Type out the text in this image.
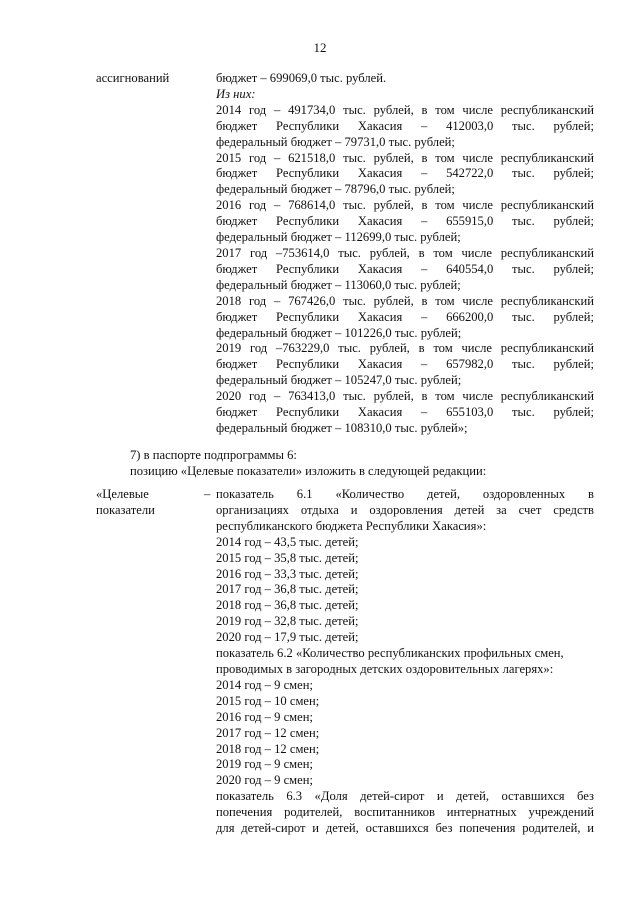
12
ассигнований	бюджет – 699069,0 тыс. рублей.
Из них:
2014 год – 491734,0 тыс. рублей, в том числе республиканский
бюджет Республики Хакасия – 412003,0 тыс. рублей;
федеральный бюджет – 79731,0 тыс. рублей;
2015 год – 621518,0 тыс. рублей, в том числе республиканский
бюджет Республики Хакасия – 542722,0 тыс. рублей;
федеральный бюджет – 78796,0 тыс. рублей;
2016 год – 768614,0 тыс. рублей, в том числе республиканский
бюджет Республики Хакасия – 655915,0 тыс. рублей;
федеральный бюджет – 112699,0 тыс. рублей;
2017 год –753614,0 тыс. рублей, в том числе республиканский
бюджет Республики Хакасия – 640554,0 тыс. рублей;
федеральный бюджет – 113060,0 тыс. рублей;
2018 год – 767426,0 тыс. рублей, в том числе республиканский
бюджет Республики Хакасия – 666200,0 тыс. рублей;
федеральный бюджет – 101226,0 тыс. рублей;
2019 год –763229,0 тыс. рублей, в том числе республиканский
бюджет Республики Хакасия – 657982,0 тыс. рублей;
федеральный бюджет – 105247,0 тыс. рублей;
2020 год – 763413,0 тыс. рублей, в том числе республиканский
бюджет Республики Хакасия – 655103,0 тыс. рублей;
федеральный бюджет – 108310,0 тыс. рублей»;
7) в паспорте подпрограммы 6:
позицию «Целевые показатели» изложить в следующей редакции:
«Целевые
показатели
– показатель 6.1 «Количество детей, оздоровленных в
организациях отдыха и оздоровления детей за счет средств
республиканского бюджета Республики Хакасия»:
2014 год – 43,5 тыс. детей;
2015 год – 35,8 тыс. детей;
2016 год – 33,3 тыс. детей;
2017 год – 36,8 тыс. детей;
2018 год – 36,8 тыс. детей;
2019 год – 32,8 тыс. детей;
2020 год – 17,9 тыс. детей;
показатель 6.2 «Количество республиканских профильных смен,
проводимых в загородных детских оздоровительных лагерях»:
2014 год – 9 смен;
2015 год – 10 смен;
2016 год – 9 смен;
2017 год – 12 смен;
2018 год – 12 смен;
2019 год – 9 смен;
2020 год – 9 смен;
показатель 6.3 «Доля детей-сирот и детей, оставшихся без
попечения родителей, воспитанников интернатных учреждений
для детей-сирот и детей, оставшихся без попечения родителей, и
